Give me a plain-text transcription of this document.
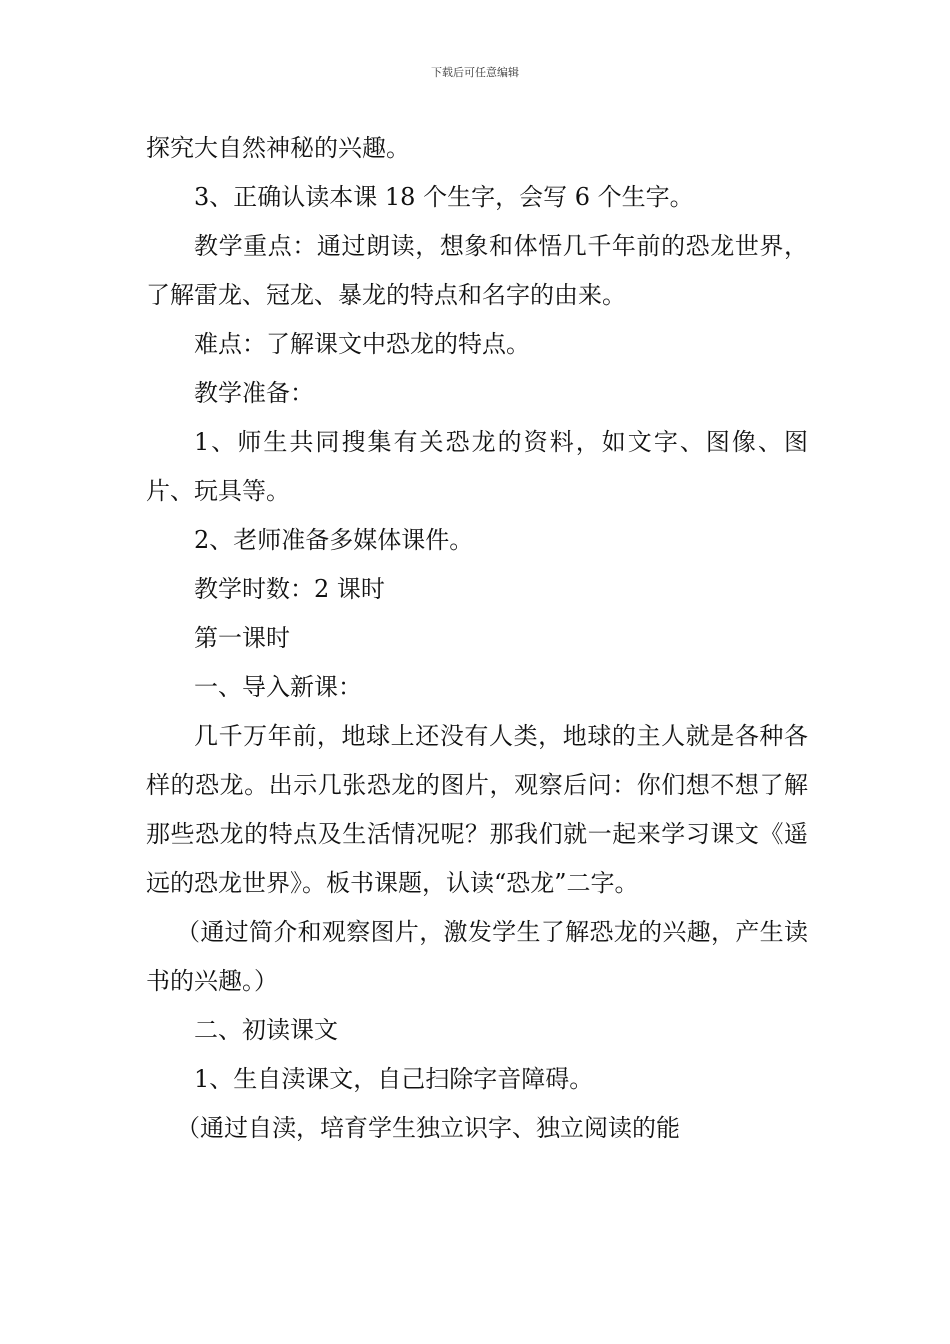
下载后可任意编辑

探究大自然神秘的兴趣。

3、正确认读本课 18 个生字，会写 6 个生字。

教学重点：通过朗读，想象和体悟几千年前的恐龙世界，了解雷龙、冠龙、暴龙的特点和名字的由来。

难点：了解课文中恐龙的特点。

教学准备：

1、师生共同搜集有关恐龙的资料，如文字、图像、图片、玩具等。

2、老师准备多媒体课件。

教学时数：2 课时

第一课时

一、导入新课：

几千万年前，地球上还没有人类，地球的主人就是各种各样的恐龙。出示几张恐龙的图片，观察后问：你们想不想了解那些恐龙的特点及生活情况呢？那我们就一起来学习课文《遥远的恐龙世界》。板书课题，认读“恐龙”二字。

（通过简介和观察图片，激发学生了解恐龙的兴趣，产生读书的兴趣。）

二、初读课文

1、生自渎课文，自己扫除字音障碍。

（通过自渎，培育学生独立识字、独立阅读的能
